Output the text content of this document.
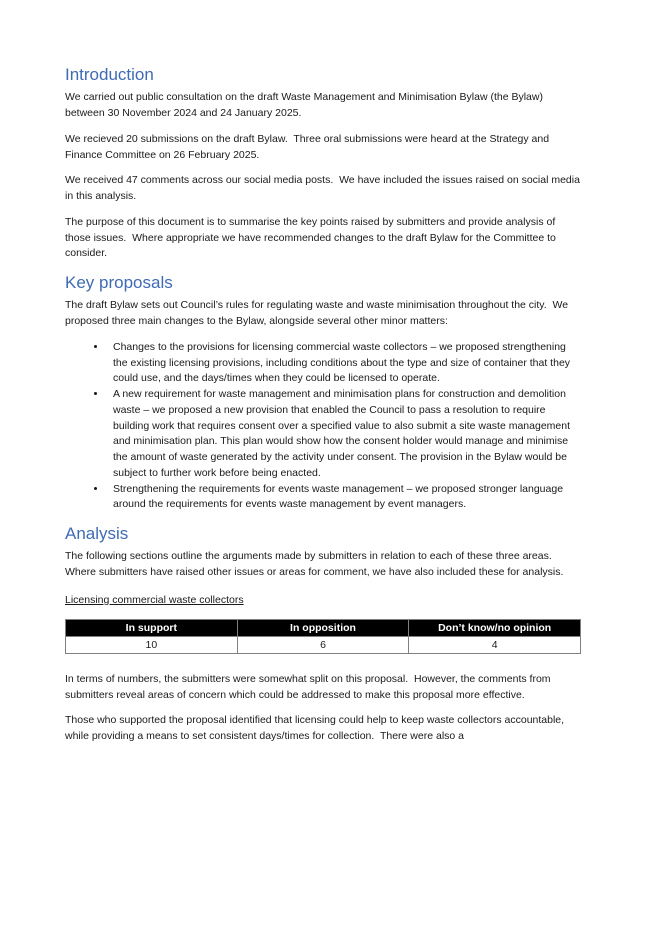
Introduction

We carried out public consultation on the draft Waste Management and Minimisation Bylaw (the Bylaw) between 30 November 2024 and 24 January 2025.

We recieved 20 submissions on the draft Bylaw.  Three oral submissions were heard at the Strategy and Finance Committee on 26 February 2025.

We received 47 comments across our social media posts.  We have included the issues raised on social media in this analysis.

The purpose of this document is to summarise the key points raised by submitters and provide analysis of those issues.  Where appropriate we have recommended changes to the draft Bylaw for the Committee to consider.

Key proposals

The draft Bylaw sets out Council’s rules for regulating waste and waste minimisation throughout the city.  We proposed three main changes to the Bylaw, alongside several other minor matters:

• Changes to the provisions for licensing commercial waste collectors – we proposed strengthening the existing licensing provisions, including conditions about the type and size of container that they could use, and the days/times when they could be licensed to operate.
• A new requirement for waste management and minimisation plans for construction and demolition waste – we proposed a new provision that enabled the Council to pass a resolution to require building work that requires consent over a specified value to also submit a site waste management and minimisation plan. This plan would show how the consent holder would manage and minimise the amount of waste generated by the activity under consent. The provision in the Bylaw would be subject to further work before being enacted.
• Strengthening the requirements for events waste management – we proposed stronger language around the requirements for events waste management by event managers.
Analysis

The following sections outline the arguments made by submitters in relation to each of these three areas.  Where submitters have raised other issues or areas for comment, we have also included these for analysis.

Licensing commercial waste collectors

In support	In opposition	Don’t know/no opinion
10	6	4

In terms of numbers, the submitters were somewhat split on this proposal.  However, the comments from submitters reveal areas of concern which could be addressed to make this proposal more effective.

Those who supported the proposal identified that licensing could help to keep waste collectors accountable, while providing a means to set consistent days/times for collection.  There were also a
